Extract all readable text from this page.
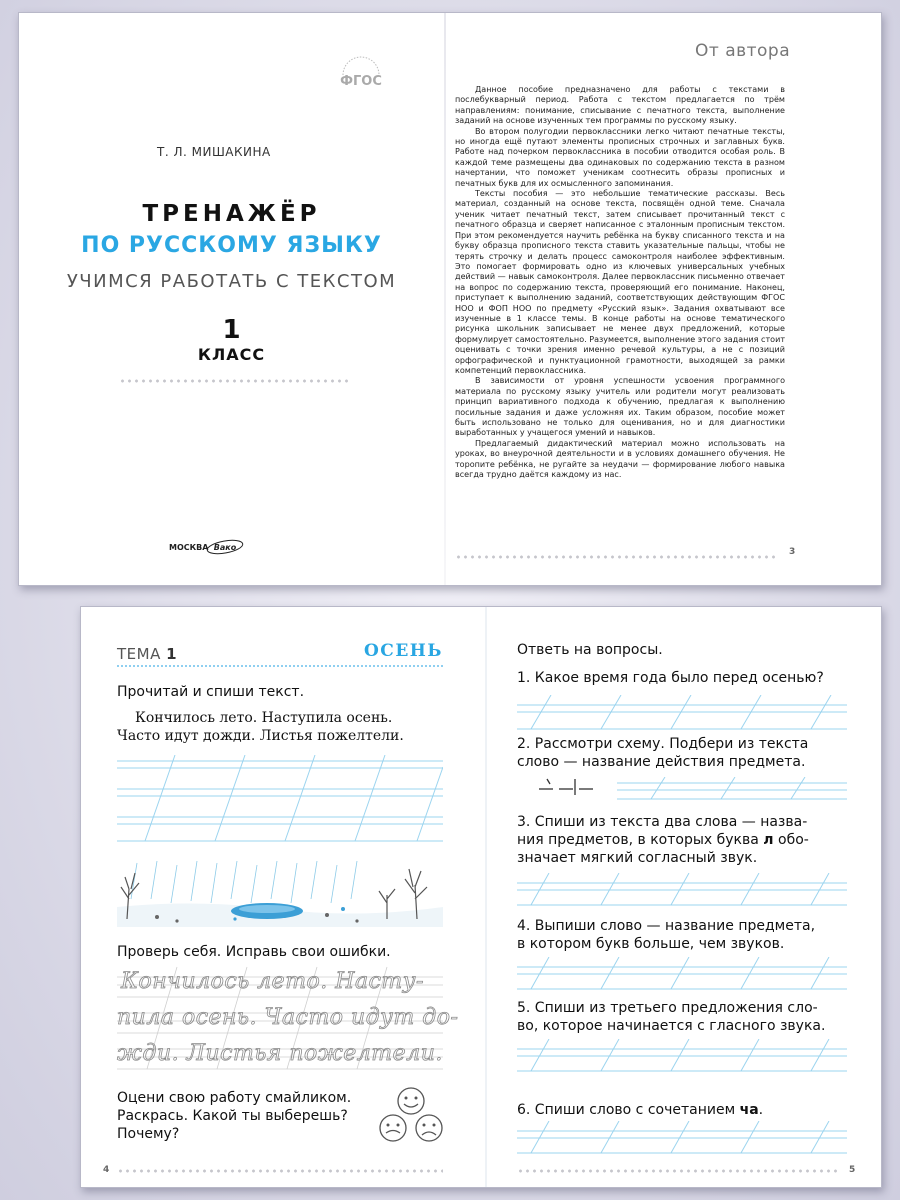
ФГОС
Т. Л. МИШАКИНА
ТРЕНАЖЁР
ПО РУССКОМУ ЯЗЫКУ
УЧИМСЯ РАБОТАТЬ С ТЕКСТОМ
1
КЛАСС
МОСКВА Вако
От автора

Данное пособие предназначено для работы с текстами в послебукварный период. Работа с текстом предлагается по трём направлениям: понимание, списывание с печатного текста, выполнение заданий на основе изученных тем программы по русскому языку.

Во втором полугодии первоклассники легко читают печатные тексты, но иногда ещё путают элементы прописных строчных и заглавных букв. Работе над почерком первоклассника в пособии отводится особая роль. В каждой теме размещены два одинаковых по содержанию текста в разном начертании, что поможет ученикам соотнесить образы прописных и печатных букв для их осмысленного запоминания.

Тексты пособия — это небольшие тематические рассказы. Весь материал, созданный на основе текста, посвящён одной теме. Сначала ученик читает печатный текст, затем списывает прочитанный текст с печатного образца и сверяет написанное с эталонным прописным текстом. При этом рекомендуется научить ребёнка на букву списанного текста и на букву образца прописного текста ставить указательные пальцы, чтобы не терять строчку и делать процесс самоконтроля наиболее эффективным. Это помогает формировать одно из ключевых универсальных учебных действий — навык самоконтроля. Далее первоклассник письменно отвечает на вопрос по содержанию текста, проверяющий его понимание. Наконец, приступает к выполнению заданий, соответствующих действующим ФГОС НОО и ФОП НОО по предмету «Русский язык». Задания охватывают все изученные в 1 классе темы. В конце работы на основе тематического рисунка школьник записывает не менее двух предложений, которые формулирует самостоятельно. Разумеется, выполнение этого задания стоит оценивать с точки зрения именно речевой культуры, а не с позиций орфографической и пунктуационной грамотности, выходящей за рамки компетенций первоклассника.

В зависимости от уровня успешности усвоения программного материала по русскому языку учитель или родители могут реализовать принцип вариативного подхода к обучению, предлагая к выполнению посильные задания и даже усложняя их. Таким образом, пособие может быть использовано не только для оценивания, но и для диагностики выработанных у учащегося умений и навыков.

Предлагаемый дидактический материал можно использовать на уроках, во внеурочной деятельности и в условиях домашнего обучения. Не торопите ребёнка, не ругайте за неудачи — формирование любого навыка всегда трудно даётся каждому из нас.

3
ТЕМА 1	ОСЕНЬ
Прочитай и спиши текст.
Кончилось лето. Наступила осень.
Часто идут дожди. Листья пожелтели.
Проверь себя. Исправь свои ошибки.
Кончилось лето. Насту-
пила осень. Часто идут до-
жди. Листья пожелтели.
Оцени свою работу смайликом.
Раскрась. Какой ты выберешь?
Почему?
4
Ответь на вопросы.
1. Какое время года было перед осенью?
2. Рассмотри схему. Подбери из текста
слово — название действия предмета.
3. Спиши из текста два слова — назва-
ния предметов, в которых буква л обо-
значает мягкий согласный звук.
4. Выпиши слово — название предмета,
в котором букв больше, чем звуков.
5. Спиши из третьего предложения сло-
во, которое начинается с гласного звука.
6. Спиши слово с сочетанием ча.
5
